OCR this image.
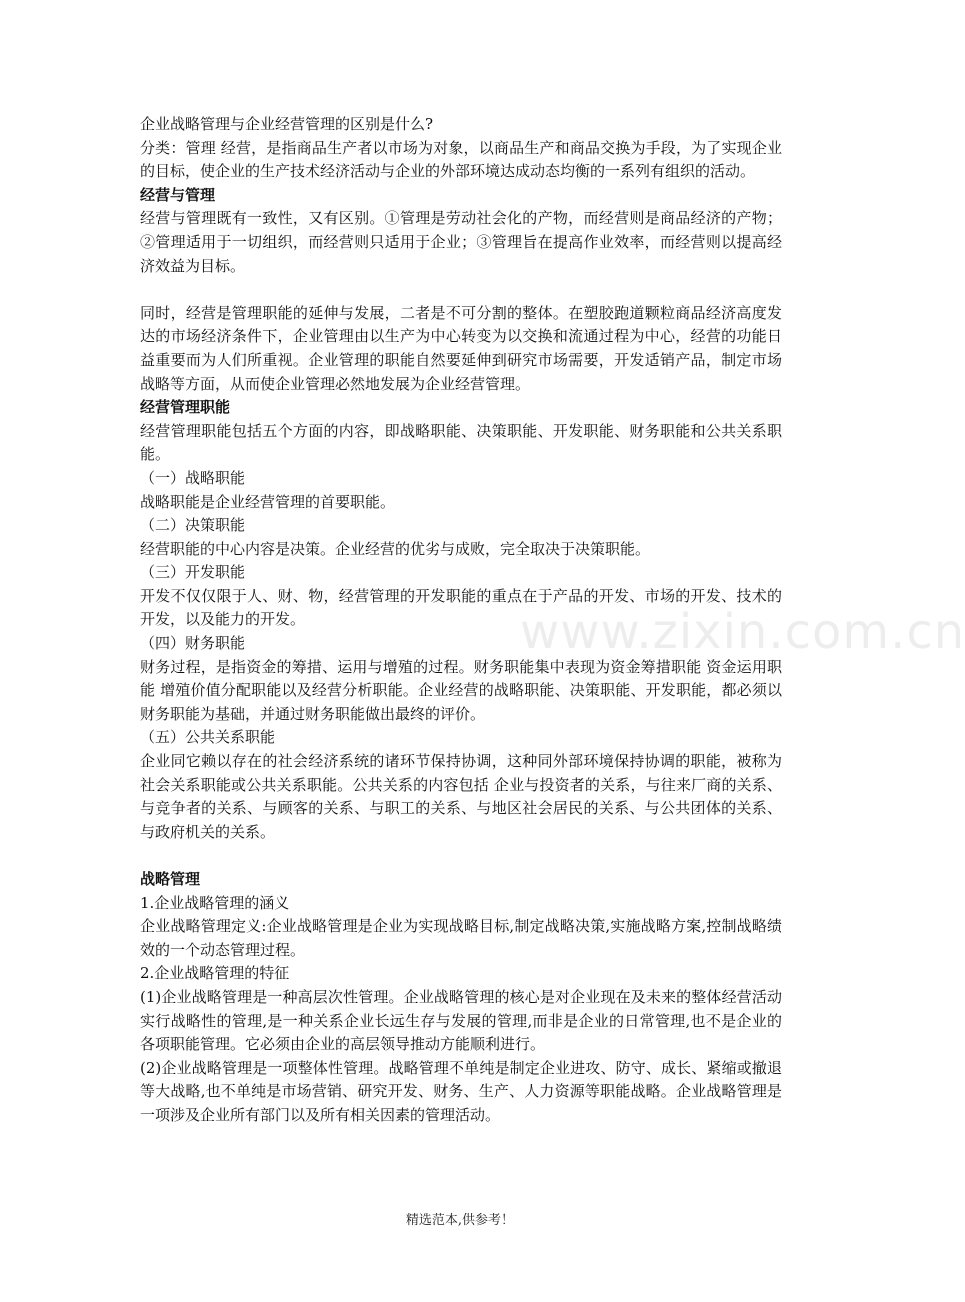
www.zixin.com.cn

企业战略管理与企业经营管理的区别是什么?

分类：管理 经营，是指商品生产者以市场为对象，以商品生产和商品交换为手段，为了实现企业的目标，使企业的生产技术经济活动与企业的外部环境达成动态均衡的一系列有组织的活动。

经营与管理

经营与管理既有一致性，又有区别。①管理是劳动社会化的产物，而经营则是商品经济的产物；②管理适用于一切组织，而经营则只适用于企业；③管理旨在提高作业效率，而经营则以提高经济效益为目标。

同时，经营是管理职能的延伸与发展，二者是不可分割的整体。在塑胶跑道颗粒商品经济高度发达的市场经济条件下，企业管理由以生产为中心转变为以交换和流通过程为中心，经营的功能日益重要而为人们所重视。企业管理的职能自然要延伸到研究市场需要，开发适销产品，制定市场战略等方面，从而使企业管理必然地发展为企业经营管理。

经营管理职能

经营管理职能包括五个方面的内容，即战略职能、决策职能、开发职能、财务职能和公共关系职能。

（一）战略职能

战略职能是企业经营管理的首要职能。

（二）决策职能

经营职能的中心内容是决策。企业经营的优劣与成败，完全取决于决策职能。

（三）开发职能

开发不仅仅限于人、财、物，经营管理的开发职能的重点在于产品的开发、市场的开发、技术的开发，以及能力的开发。

（四）财务职能

财务过程，是指资金的筹措、运用与增殖的过程。财务职能集中表现为资金筹措职能 资金运用职能 增殖价值分配职能以及经营分析职能。企业经营的战略职能、决策职能、开发职能，都必须以财务职能为基础，并通过财务职能做出最终的评价。

（五）公共关系职能

企业同它赖以存在的社会经济系统的诸环节保持协调，这种同外部环境保持协调的职能，被称为社会关系职能或公共关系职能。公共关系的内容包括 企业与投资者的关系，与往来厂商的关系、与竞争者的关系、与顾客的关系、与职工的关系、与地区社会居民的关系、与公共团体的关系、与政府机关的关系。

战略管理

1.企业战略管理的涵义

企业战略管理定义:企业战略管理是企业为实现战略目标,制定战略决策,实施战略方案,控制战略绩效的一个动态管理过程。

2.企业战略管理的特征

(1)企业战略管理是一种高层次性管理。企业战略管理的核心是对企业现在及未来的整体经营活动实行战略性的管理,是一种关系企业长远生存与发展的管理,而非是企业的日常管理,也不是企业的各项职能管理。它必须由企业的高层领导推动方能顺利进行。

(2)企业战略管理是一项整体性管理。战略管理不单纯是制定企业进攻、防守、成长、紧缩或撤退等大战略,也不单纯是市场营销、研究开发、财务、生产、人力资源等职能战略。企业战略管理是一项涉及企业所有部门以及所有相关因素的管理活动。

精选范本,供参考！
